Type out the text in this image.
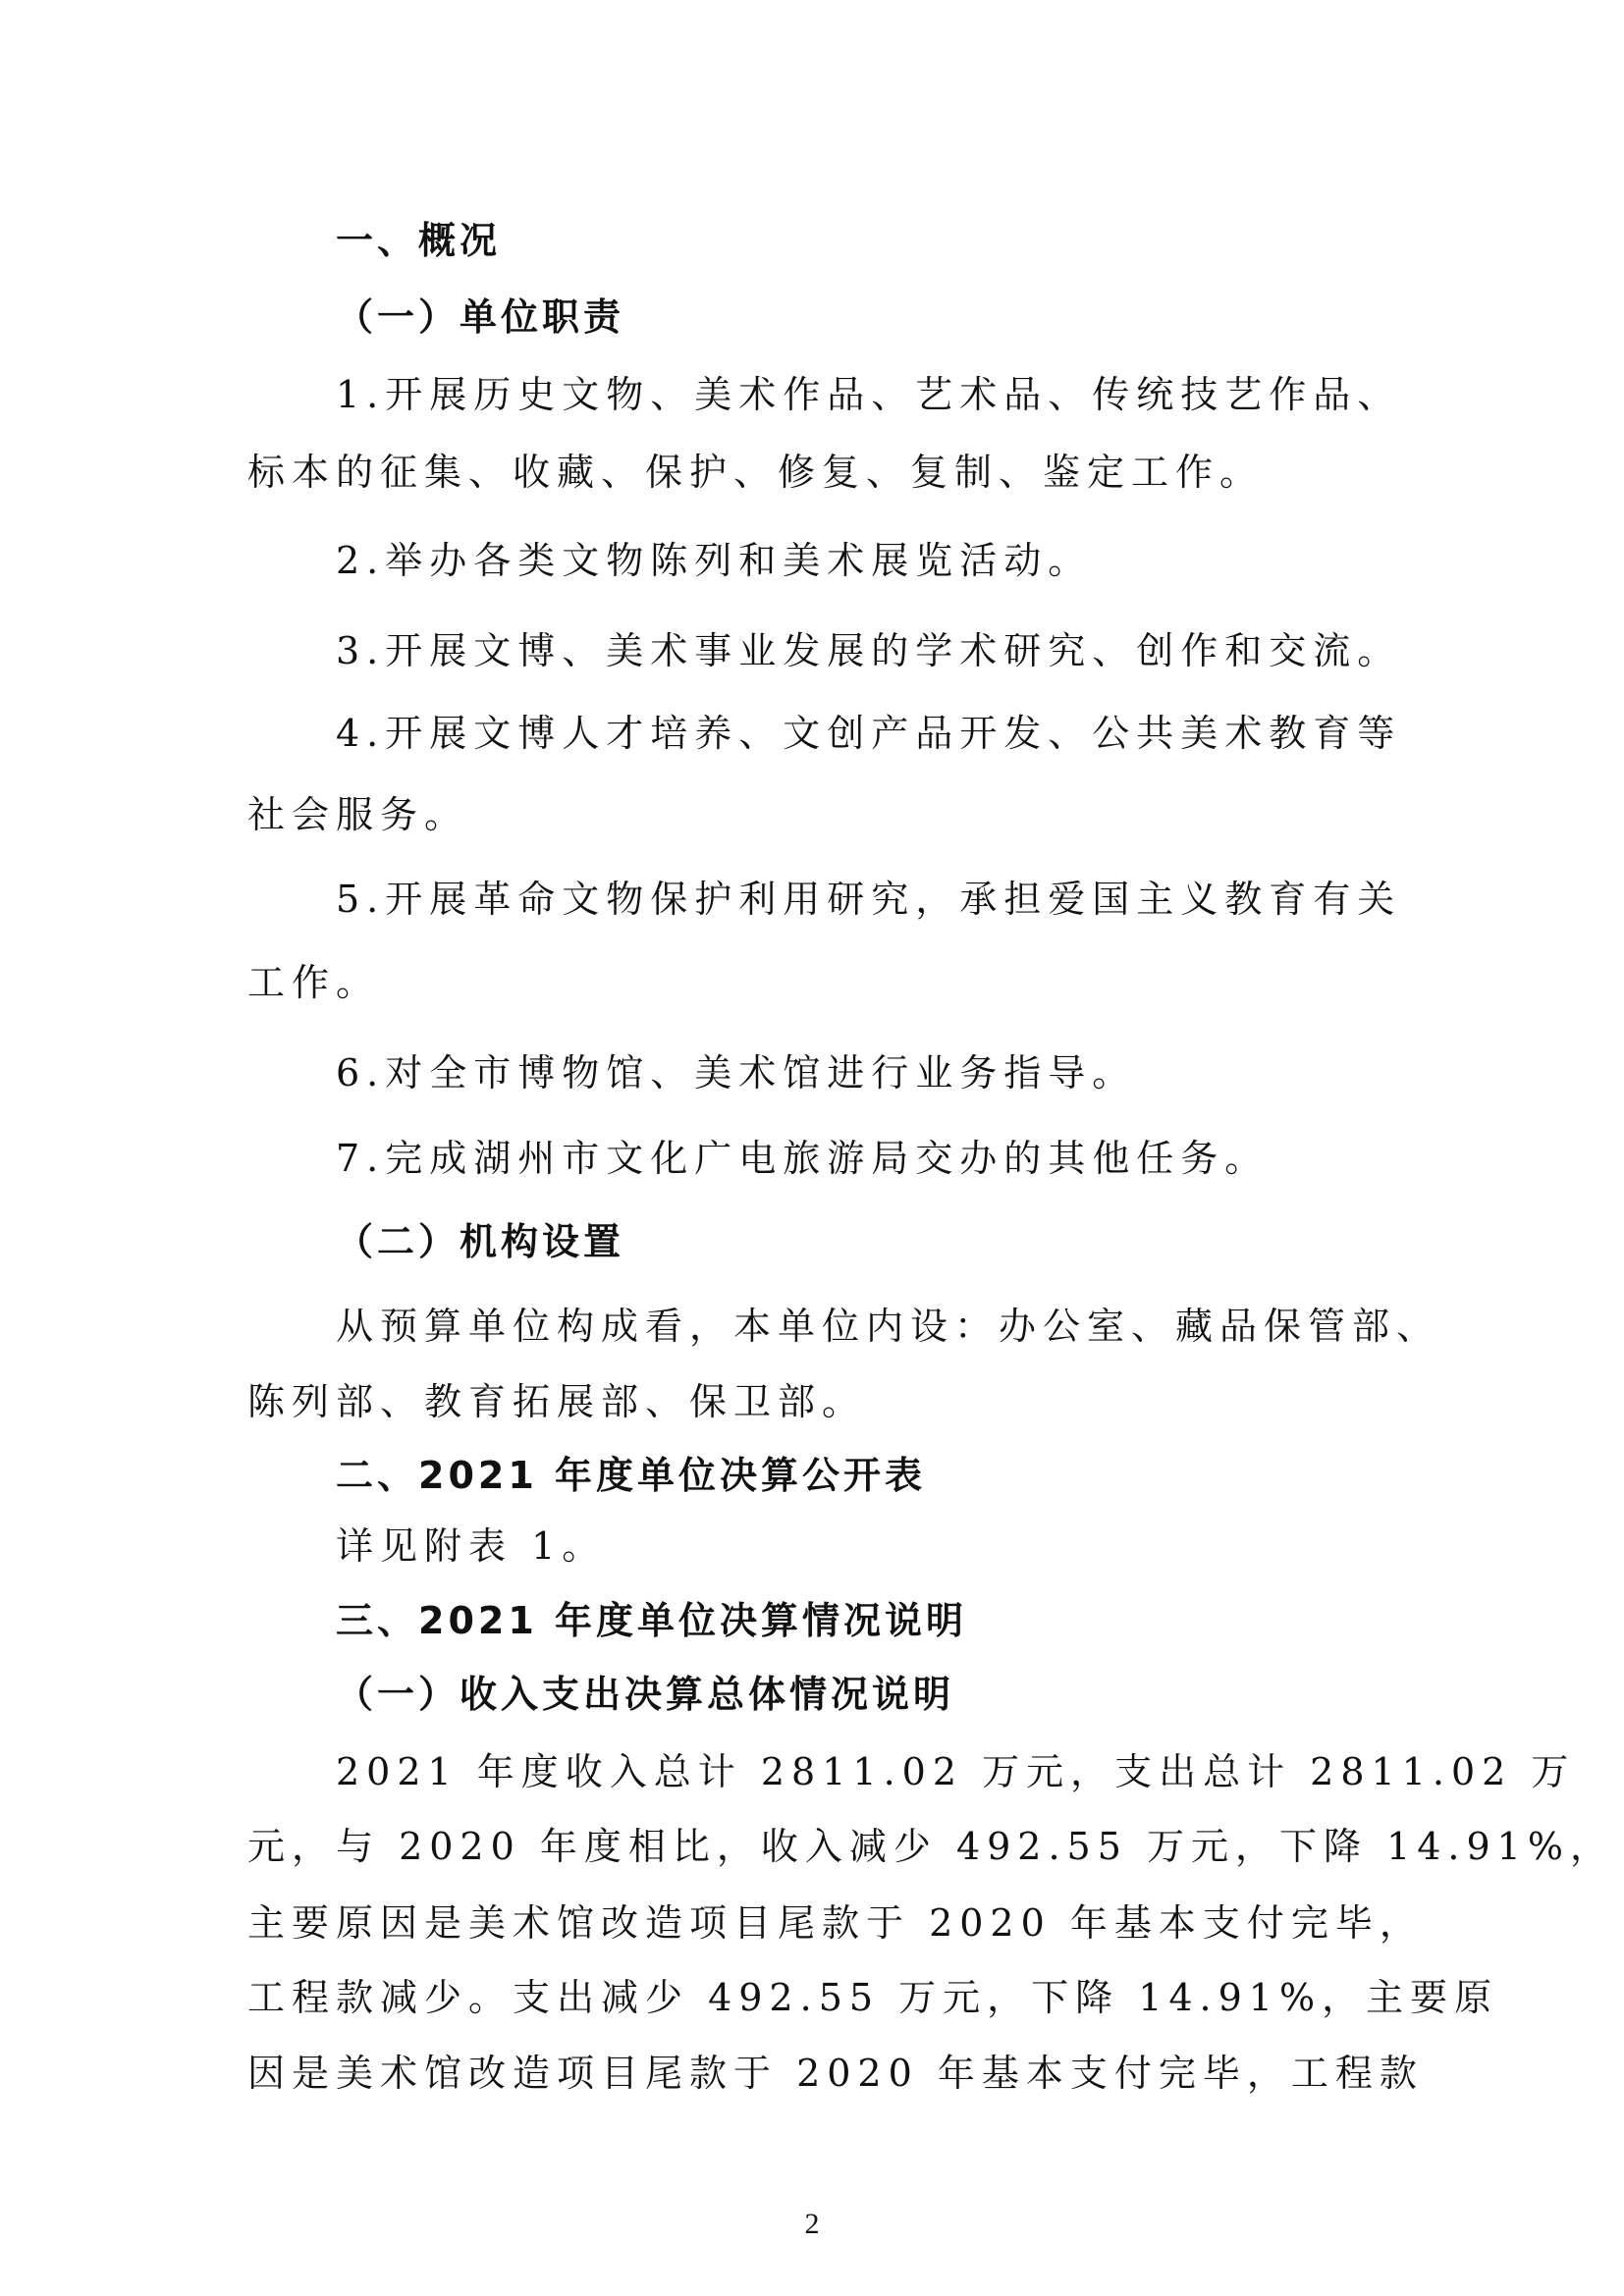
一、概况
（一）单位职责
1.开展历史文物、美术作品、艺术品、传统技艺作品、
标本的征集、收藏、保护、修复、复制、鉴定工作。
2.举办各类文物陈列和美术展览活动。
3.开展文博、美术事业发展的学术研究、创作和交流。
4.开展文博人才培养、文创产品开发、公共美术教育等
社会服务。
5.开展革命文物保护利用研究，承担爱国主义教育有关
工作。
6.对全市博物馆、美术馆进行业务指导。
7.完成湖州市文化广电旅游局交办的其他任务。
（二）机构设置
从预算单位构成看，本单位内设：办公室、藏品保管部、
陈列部、教育拓展部、保卫部。
二、2021 年度单位决算公开表
详见附表 1。
三、2021 年度单位决算情况说明
（一）收入支出决算总体情况说明
2021 年度收入总计 2811.02 万元，支出总计 2811.02 万
元，与 2020 年度相比，收入减少 492.55 万元，下降 14.91%，
主要原因是美术馆改造项目尾款于 2020 年基本支付完毕，
工程款减少。支出减少 492.55 万元，下降 14.91%，主要原
因是美术馆改造项目尾款于 2020 年基本支付完毕，工程款
2
